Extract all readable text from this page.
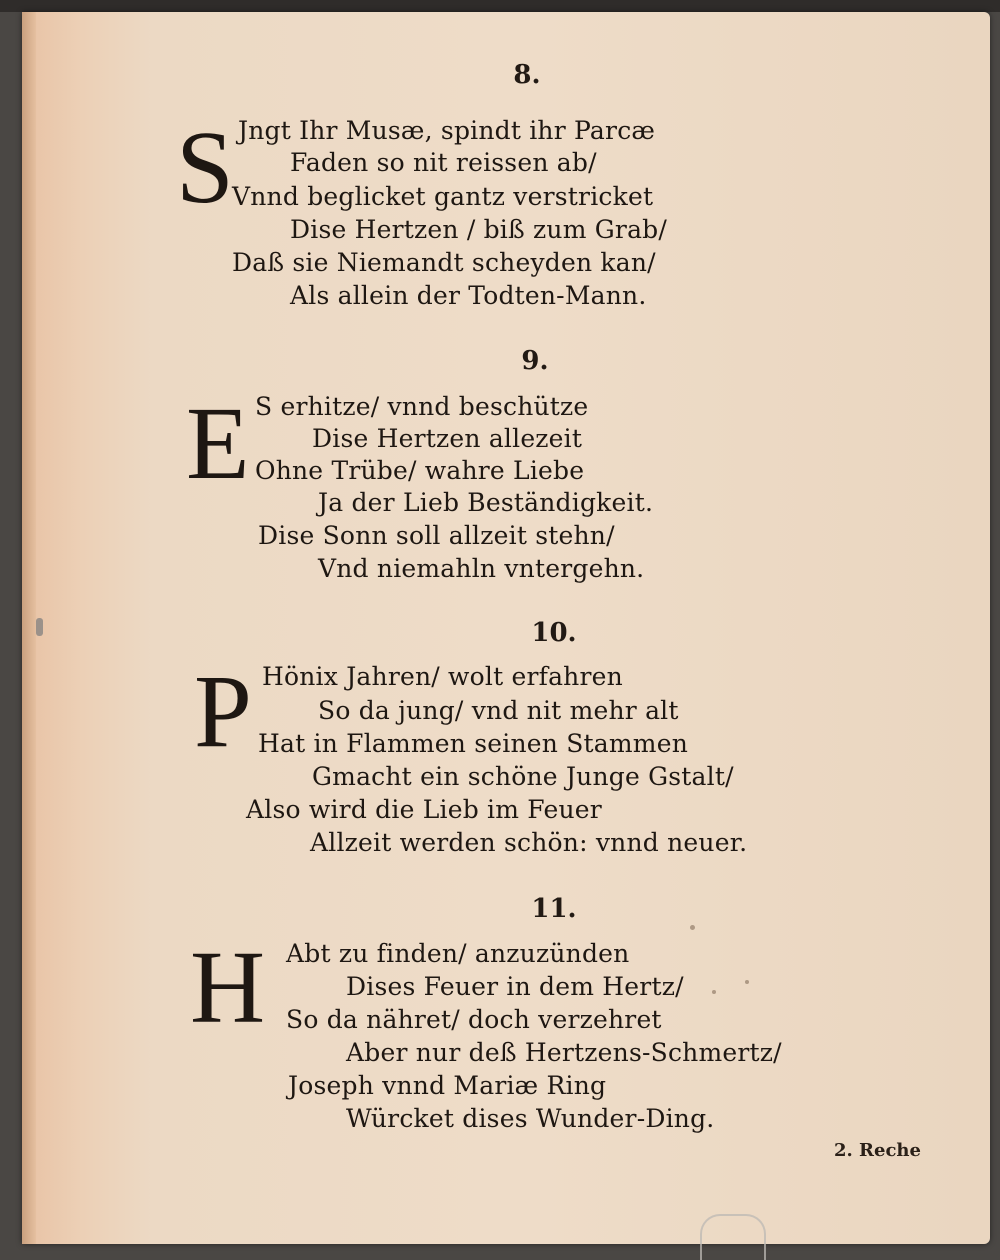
8.
S Jngt Ihr Musæ, spindt ihr Parcæ
Faden so nit reissen ab/
Vnnd beglicket gantz verstricket
Dise Hertzen / biß zum Grab/
Daß sie Niemandt scheyden kan/
Als allein der Todten-Mann.
9.
E S erhitze/ vnnd beschütze
Dise Hertzen allezeit
Ohne Trübe/ wahre Liebe
Ja der Lieb Beständigkeit.
Dise Sonn soll allzeit stehn/
Vnd niemahln vntergehn.
10.
P Hönix Jahren/ wolt erfahren
So da jung/ vnd nit mehr alt
Hat in Flammen seinen Stammen
Gmacht ein schöne Junge Gstalt/
Also wird die Lieb im Feuer
Allzeit werden schön: vnnd neuer.
11.
H Abt zu finden/ anzuzünden
Dises Feuer in dem Hertz/
So da nähret/ doch verzehret
Aber nur deß Hertzens-Schmertz/
Joseph vnnd Mariæ Ring
Würcket dises Wunder-Ding.
2. Reche
